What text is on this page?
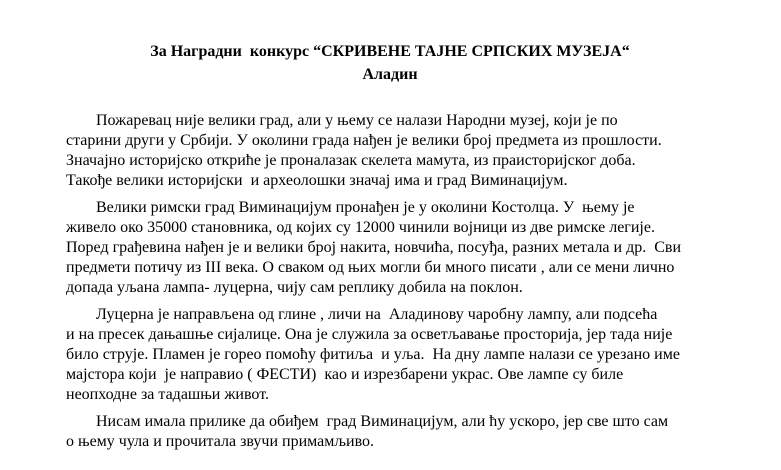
За Наградни  конкурс “СКРИВЕНЕ ТАЈНЕ СРПСКИХ МУЗЕЈА“
Аладин
Пожаревац није велики град, али у њему се налази Народни музеј, који је по
старини други у Србији. У околини града нађен је велики број предмета из прошлости.
Значајно историјско откриће је проналазак скелета мамута, из праисторијског доба.
Такође велики историјски  и археолошки значај има и град Виминацијум.
Велики римски град Виминацијум пронађен је у околини Костолца. У  њему је
живело око 35000 становника, од којих су 12000 чинили војници из две римске легије.
Поред грађевина нађен је и велики број накита, новчића, посуђа, разних метала и др.  Сви
предмети потичу из III века. О сваком од њих могли би много писати , али се мени лично
допада уљана лампа- луцерна, чију сам реплику добила на поклон.
Луцерна је направљена од глине , личи на  Аладинову чаробну лампу, али подсећа
и на пресек дањашње сијалице. Она је служила за осветљавање просторија, јер тада није
било струје. Пламен је горео помоћу фитиља  и уља.  На дну лампе налази се урезано име
мајстора који  је направио ( ФЕСТИ)  као и изрезбарени украс. Ове лампе су биле
неопходне за тадашњи живот.
Нисам имала прилике да обиђем  град Виминацијум, али ћу ускоро, јер све што сам
о њему чула и прочитала звучи примамљиво.
